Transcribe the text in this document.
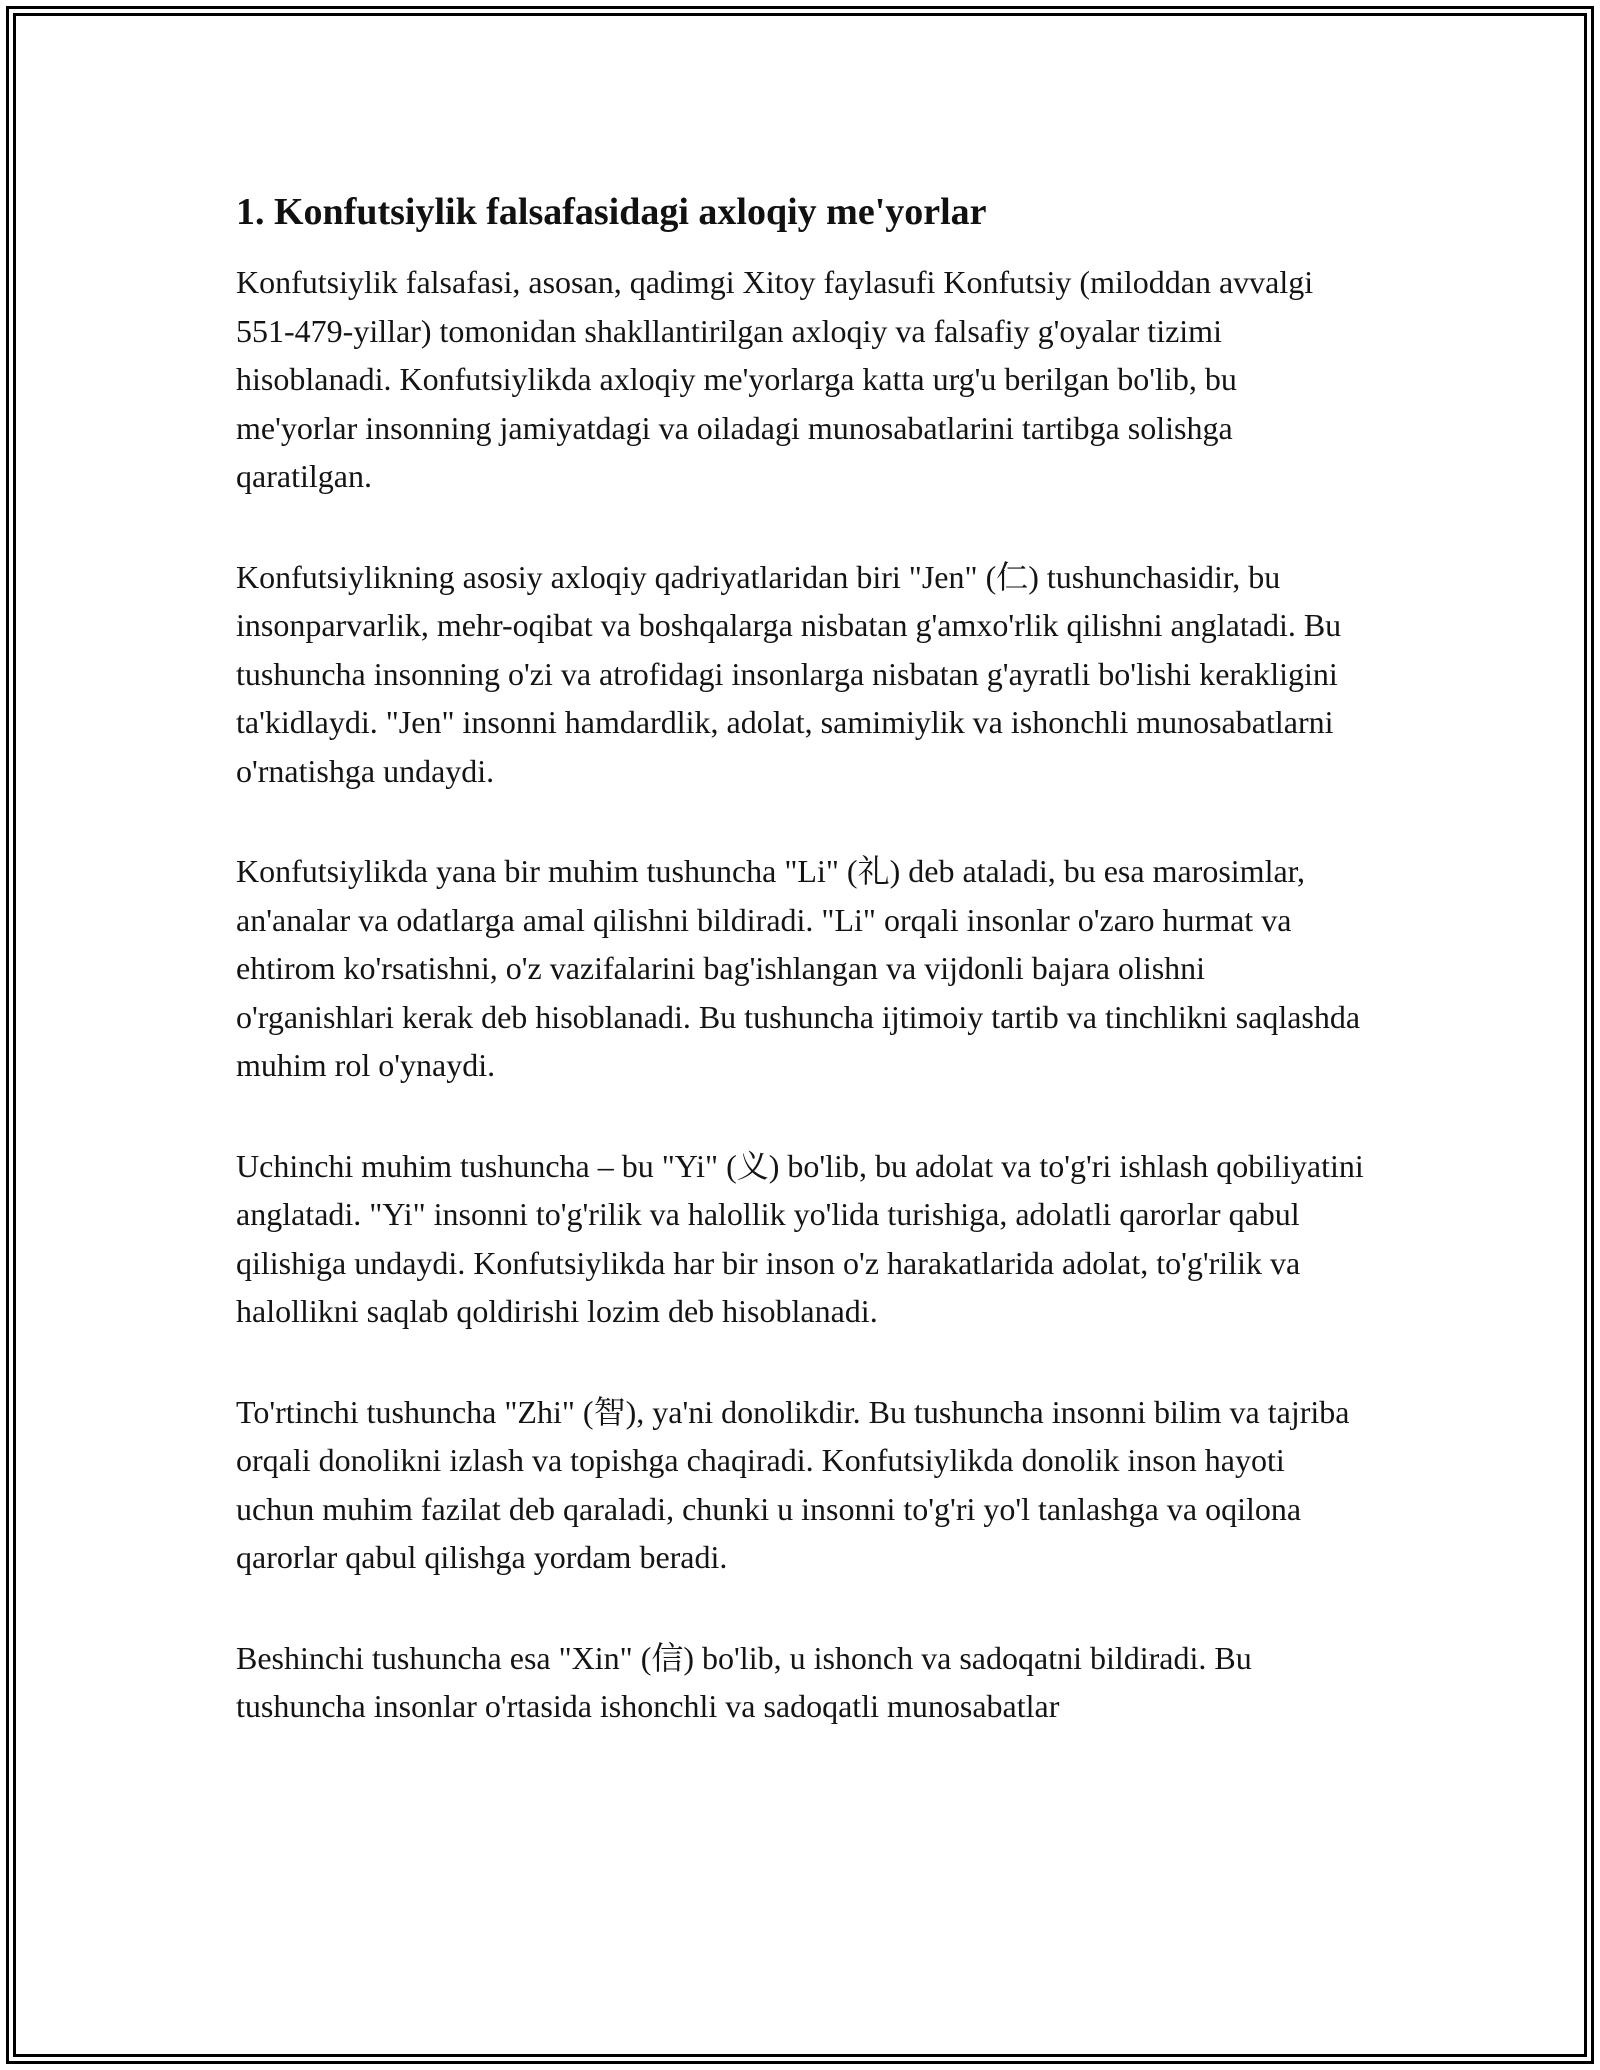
1. Konfutsiylik falsafasidagi axloqiy me'yorlar

Konfutsiylik falsafasi, asosan, qadimgi Xitoy faylasufi Konfutsiy (miloddan avvalgi 551-479-yillar) tomonidan shakllantirilgan axloqiy va falsafiy g'oyalar tizimi hisoblanadi. Konfutsiylikda axloqiy me'yorlarga katta urg'u berilgan bo'lib, bu me'yorlar insonning jamiyatdagi va oiladagi munosabatlarini tartibga solishga qaratilgan.

Konfutsiylikning asosiy axloqiy qadriyatlaridan biri "Jen" (仁) tushunchasidir, bu insonparvarlik, mehr-oqibat va boshqalarga nisbatan g'amxo'rlik qilishni anglatadi. Bu tushuncha insonning o'zi va atrofidagi insonlarga nisbatan g'ayratli bo'lishi kerakligini ta'kidlaydi. "Jen" insonni hamdardlik, adolat, samimiylik va ishonchli munosabatlarni o'rnatishga undaydi.

Konfutsiylikda yana bir muhim tushuncha "Li" (礼) deb ataladi, bu esa marosimlar, an'analar va odatlarga amal qilishni bildiradi. "Li" orqali insonlar o'zaro hurmat va ehtirom ko'rsatishni, o'z vazifalarini bag'ishlangan va vijdonli bajara olishni o'rganishlari kerak deb hisoblanadi. Bu tushuncha ijtimoiy tartib va tinchlikni saqlashda muhim rol o'ynaydi.

Uchinchi muhim tushuncha – bu "Yi" (义) bo'lib, bu adolat va to'g'ri ishlash qobiliyatini anglatadi. "Yi" insonni to'g'rilik va halollik yo'lida turishiga, adolatli qarorlar qabul qilishiga undaydi. Konfutsiylikda har bir inson o'z harakatlarida adolat, to'g'rilik va halollikni saqlab qoldirishi lozim deb hisoblanadi.

To'rtinchi tushuncha "Zhi" (智), ya'ni donolikdir. Bu tushuncha insonni bilim va tajriba orqali donolikni izlash va topishga chaqiradi. Konfutsiylikda donolik inson hayoti uchun muhim fazilat deb qaraladi, chunki u insonni to'g'ri yo'l tanlashga va oqilona qarorlar qabul qilishga yordam beradi.

Beshinchi tushuncha esa "Xin" (信) bo'lib, u ishonch va sadoqatni bildiradi. Bu tushuncha insonlar o'rtasida ishonchli va sadoqatli munosabatlar
